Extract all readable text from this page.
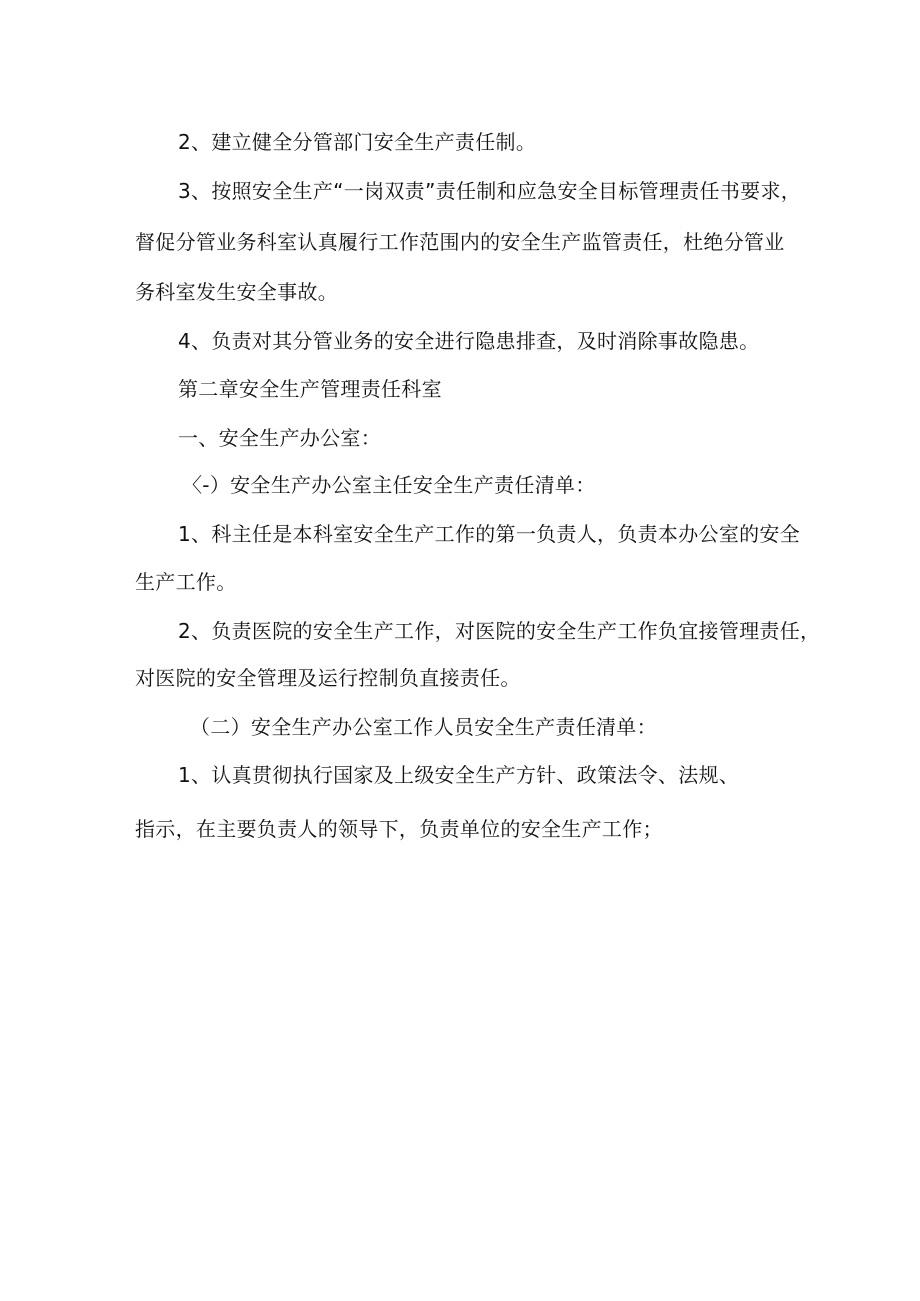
2、建立健全分管部门安全生产责任制。
3、按照安全生产“一岗双责”责任制和应急安全目标管理责任书要求，
督促分管业务科室认真履行工作范围内的安全生产监管责任，杜绝分管业
务科室发生安全事故。
4、负责对其分管业务的安全进行隐患排查，及时消除事故隐患。
第二章安全生产管理责任科室
一、安全生产办公室：
〈-）安全生产办公室主任安全生产责任清单：
1、科主任是本科室安全生产工作的第一负责人，负责本办公室的安全
生产工作。
2、负责医院的安全生产工作，对医院的安全生产工作负宜接管理责任，
对医院的安全管理及运行控制负直接责任。
（二）安全生产办公室工作人员安全生产责任清单：
1、认真贯彻执行国家及上级安全生产方针、政策法令、法规、
指示，在主要负责人的领导下，负责单位的安全生产工作；
